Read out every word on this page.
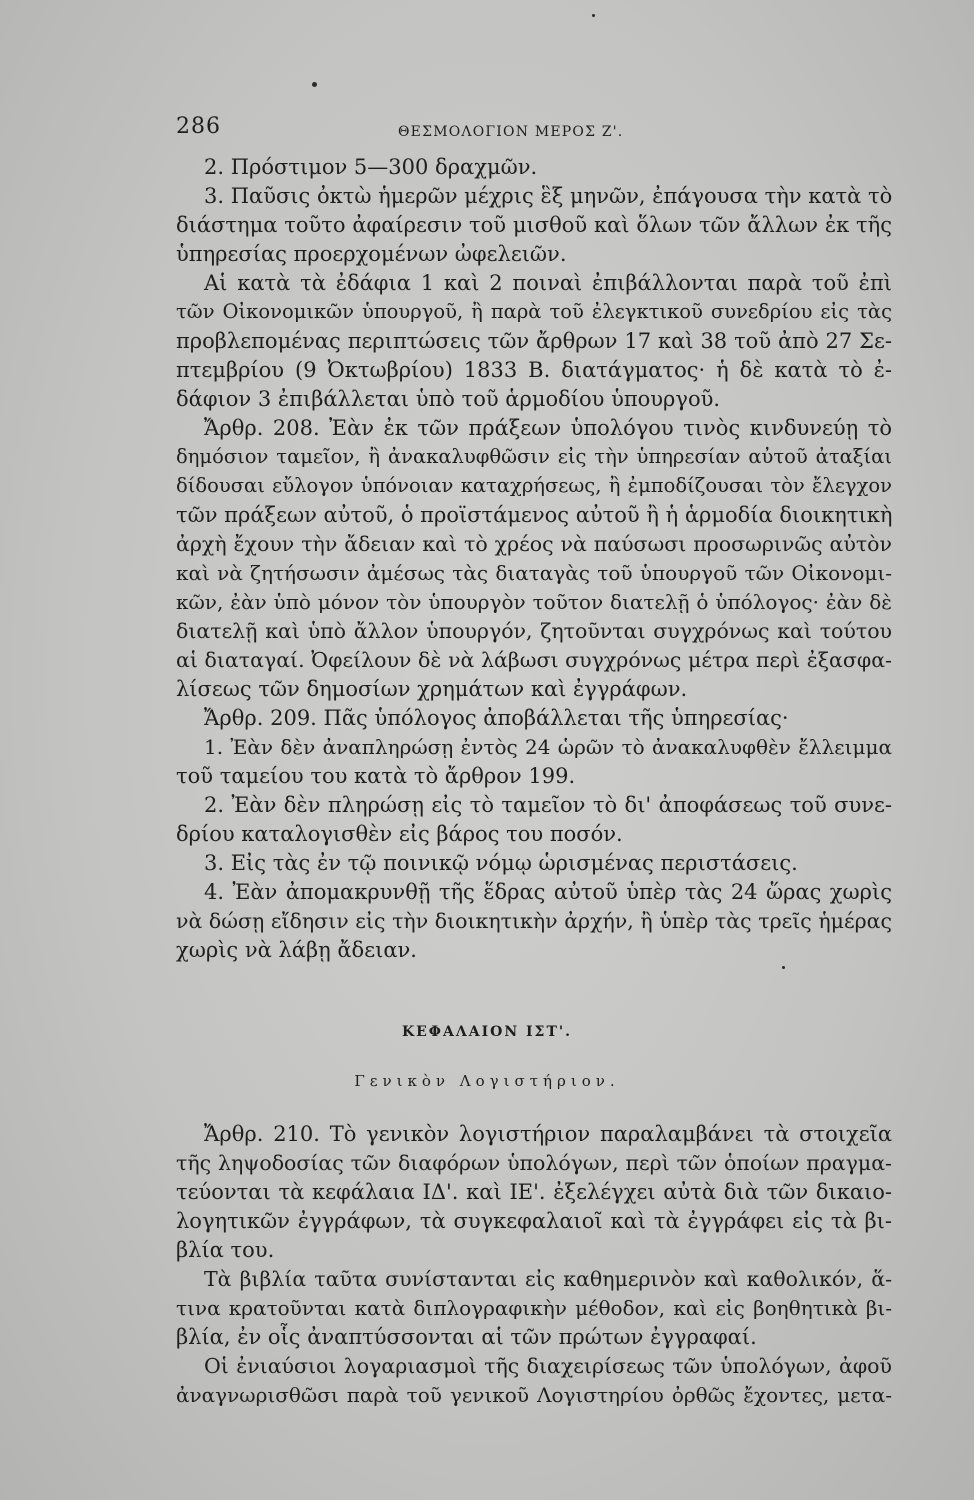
286	ΘΕΣΜΟΛΟΓΙΟΝ ΜΕΡΟΣ Ζ'.
2. Πρόστιμον 5—300 δραχμῶν.
3. Παῦσις ὀκτὼ ἡμερῶν μέχρις ἓξ μηνῶν, ἐπάγουσα τὴν κατὰ τὸ
διάστημα τοῦτο ἀφαίρεσιν τοῦ μισθοῦ καὶ ὅλων τῶν ἄλλων ἐκ τῆς
ὑπηρεσίας προερχομένων ὠφελειῶν.
Αἱ κατὰ τὰ ἐδάφια 1 καὶ 2 ποιναὶ ἐπιβάλλονται παρὰ τοῦ ἐπὶ
τῶν Οἰκονομικῶν ὑπουργοῦ, ἢ παρὰ τοῦ ἐλεγκτικοῦ συνεδρίου εἰς τὰς
προβλεπομένας περιπτώσεις τῶν ἄρθρων 17 καὶ 38 τοῦ ἀπὸ 27 Σε-
πτεμβρίου (9 Ὀκτωβρίου) 1833 Β. διατάγματος· ἡ δὲ κατὰ τὸ ἐ-
δάφιον 3 ἐπιβάλλεται ὑπὸ τοῦ ἁρμοδίου ὑπουργοῦ.
Ἄρθρ. 208. Ἐὰν ἐκ τῶν πράξεων ὑπολόγου τινὸς κινδυνεύῃ τὸ
δημόσιον ταμεῖον, ἢ ἀνακαλυφθῶσιν εἰς τὴν ὑπηρεσίαν αὐτοῦ ἀταξίαι
δίδουσαι εὔλογον ὑπόνοιαν καταχρήσεως, ἢ ἐμποδίζουσαι τὸν ἔλεγχον
τῶν πράξεων αὐτοῦ, ὁ προϊστάμενος αὐτοῦ ἢ ἡ ἁρμοδία διοικητικὴ
ἀρχὴ ἔχουν τὴν ἄδειαν καὶ τὸ χρέος νὰ παύσωσι προσωρινῶς αὐτὸν
καὶ νὰ ζητήσωσιν ἀμέσως τὰς διαταγὰς τοῦ ὑπουργοῦ τῶν Οἰκονομι-
κῶν, ἐὰν ὑπὸ μόνον τὸν ὑπουργὸν τοῦτον διατελῇ ὁ ὑπόλογος· ἐὰν δὲ
διατελῇ καὶ ὑπὸ ἄλλον ὑπουργόν, ζητοῦνται συγχρόνως καὶ τούτου
αἱ διαταγαί. Ὀφείλουν δὲ νὰ λάβωσι συγχρόνως μέτρα περὶ ἐξασφα-
λίσεως τῶν δημοσίων χρημάτων καὶ ἐγγράφων.
Ἄρθρ. 209. Πᾶς ὑπόλογος ἀποβάλλεται τῆς ὑπηρεσίας·
1. Ἐὰν δὲν ἀναπληρώσῃ ἐντὸς 24 ὡρῶν τὸ ἀνακαλυφθὲν ἔλλειμμα
τοῦ ταμείου του κατὰ τὸ ἄρθρον 199.
2. Ἐὰν δὲν πληρώσῃ εἰς τὸ ταμεῖον τὸ δι' ἀποφάσεως τοῦ συνε-
δρίου καταλογισθὲν εἰς βάρος του ποσόν.
3. Εἰς τὰς ἐν τῷ ποινικῷ νόμῳ ὡρισμένας περιστάσεις.
4. Ἐὰν ἀπομακρυνθῇ τῆς ἕδρας αὐτοῦ ὑπὲρ τὰς 24 ὥρας χωρὶς
νὰ δώσῃ εἴδησιν εἰς τὴν διοικητικὴν ἀρχήν, ἢ ὑπὲρ τὰς τρεῖς ἡμέρας
χωρὶς νὰ λάβῃ ἄδειαν.
ΚΕΦΑΛΑΙΟΝ ΙΣΤ'.
Γενικὸν Λογιστήριον.
Ἄρθρ. 210. Τὸ γενικὸν λογιστήριον παραλαμβάνει τὰ στοιχεῖα
τῆς ληψοδοσίας τῶν διαφόρων ὑπολόγων, περὶ τῶν ὁποίων πραγμα-
τεύονται τὰ κεφάλαια ΙΔ'. καὶ ΙΕ'. ἐξελέγχει αὐτὰ διὰ τῶν δικαιο-
λογητικῶν ἐγγράφων, τὰ συγκεφαλαιοῖ καὶ τὰ ἐγγράφει εἰς τὰ βι-
βλία του.
Τὰ βιβλία ταῦτα συνίστανται εἰς καθημερινὸν καὶ καθολικόν, ἅ-
τινα κρατοῦνται κατὰ διπλογραφικὴν μέθοδον, καὶ εἰς βοηθητικὰ βι-
βλία, ἐν οἷς ἀναπτύσσονται αἱ τῶν πρώτων ἐγγραφαί.
Οἱ ἐνιαύσιοι λογαριασμοὶ τῆς διαχειρίσεως τῶν ὑπολόγων, ἀφοῦ
ἀναγνωρισθῶσι παρὰ τοῦ γενικοῦ Λογιστηρίου ὀρθῶς ἔχοντες, μετα-
